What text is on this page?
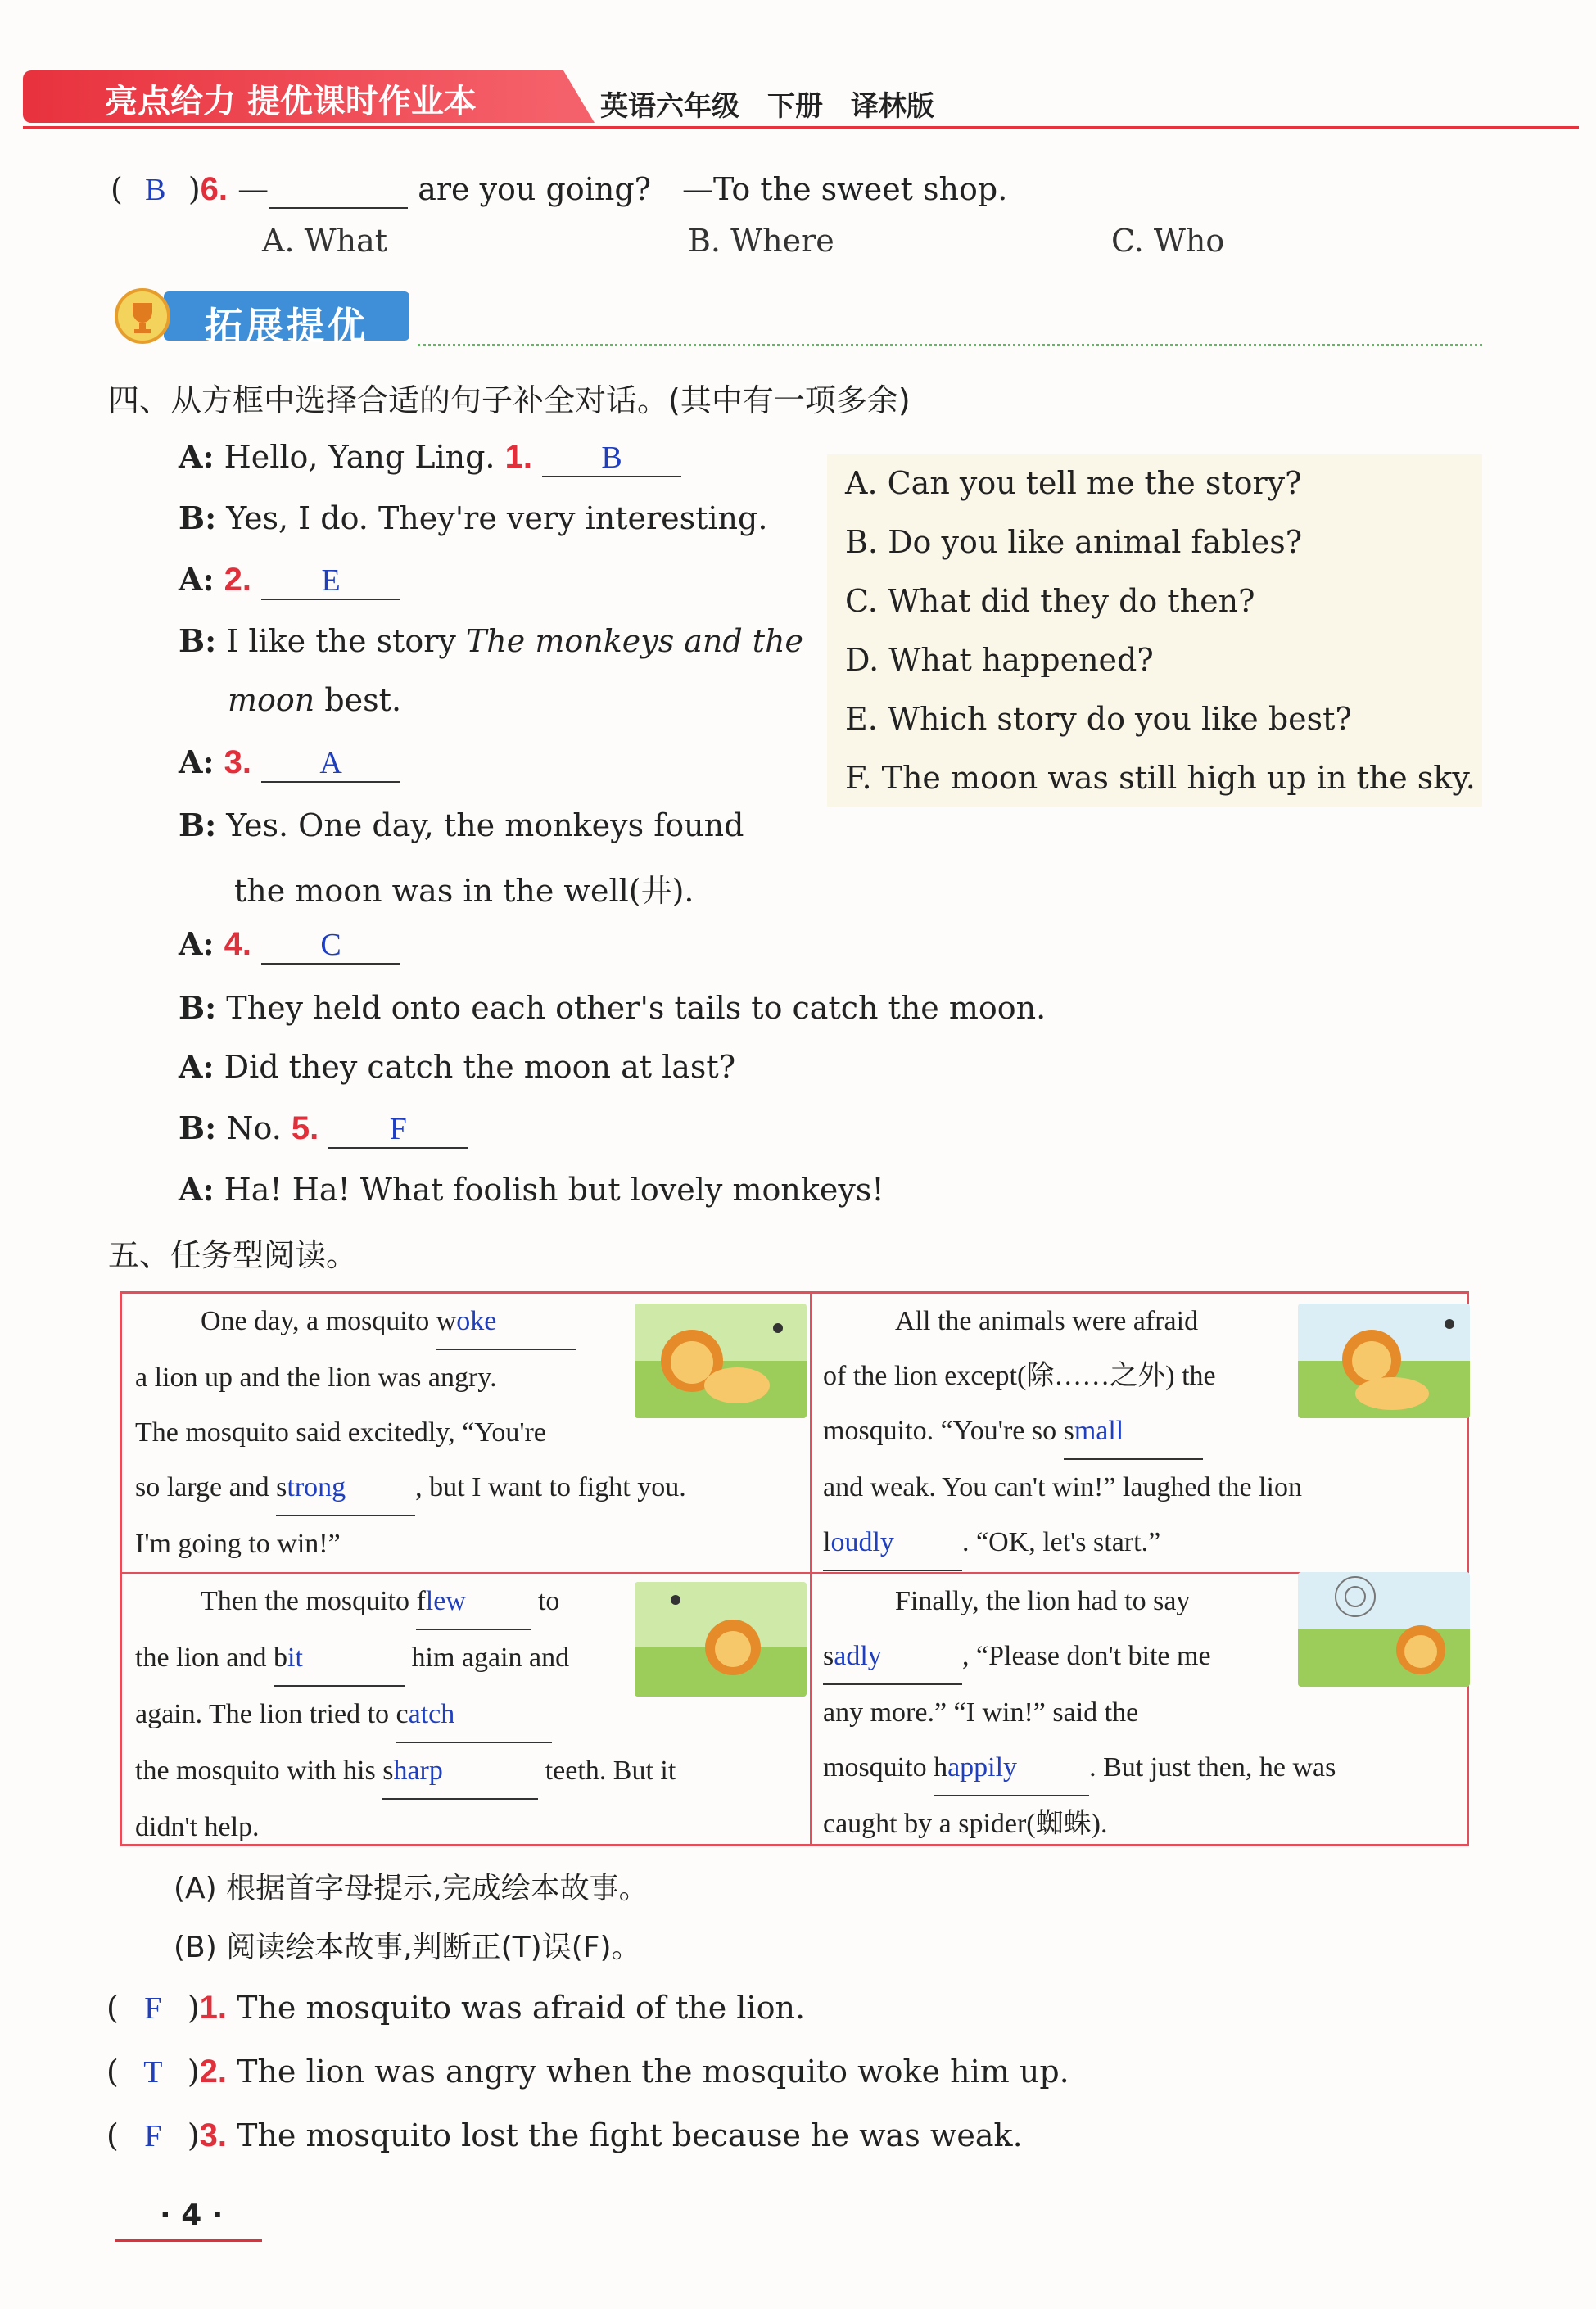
亮点给力 提优课时作业本	英语六年级　下册　译林版
( B )6. —	are you going?　—To the sweet shop.
A. What	B. Where	C. Who
拓展提优
四、从方框中选择合适的句子补全对话。(其中有一项多余)
A: Hello, Yang Ling. 1. B
B: Yes, I do. They're very interesting.
A: 2. E
B: I like the story The monkeys and the
moon best.
A: 3. A
B: Yes. One day, the monkeys found
the moon was in the well(井).
A: 4. C
B: They held onto each other's tails to catch the moon.
A: Did they catch the moon at last?
B: No. 5. F
A: Ha! Ha! What foolish but lovely monkeys!
A. Can you tell me the story?
B. Do you like animal fables?
C. What did they do then?
D. What happened?
E. Which story do you like best?
F. The moon was still high up in the sky.
五、任务型阅读。
One day, a mosquito woke
a lion up and the lion was angry.
The mosquito said excitedly, “You're
so large and strong , but I want to fight you.
I'm going to win!”
All the animals were afraid
of the lion except(除……之外) the
mosquito. “You're so small
and weak. You can't win!” laughed the lion
loudly . “OK, let's start.”
Then the mosquito flew	to
the lion and bit	him again and
again. The lion tried to catch
the mosquito with his sharp	teeth. But it
didn't help.
Finally, the lion had to say
sadly	, “Please don't bite me
any more.” “I win!” said the
mosquito happily	. But just then, he was
caught by a spider(蜘蛛).
(A) 根据首字母提示,完成绘本故事。
(B) 阅读绘本故事,判断正(T)误(F)。
( F )1. The mosquito was afraid of the lion.
( T )2. The lion was angry when the mosquito woke him up.
( F )3. The mosquito lost the fight because he was weak.
· 4 ·
